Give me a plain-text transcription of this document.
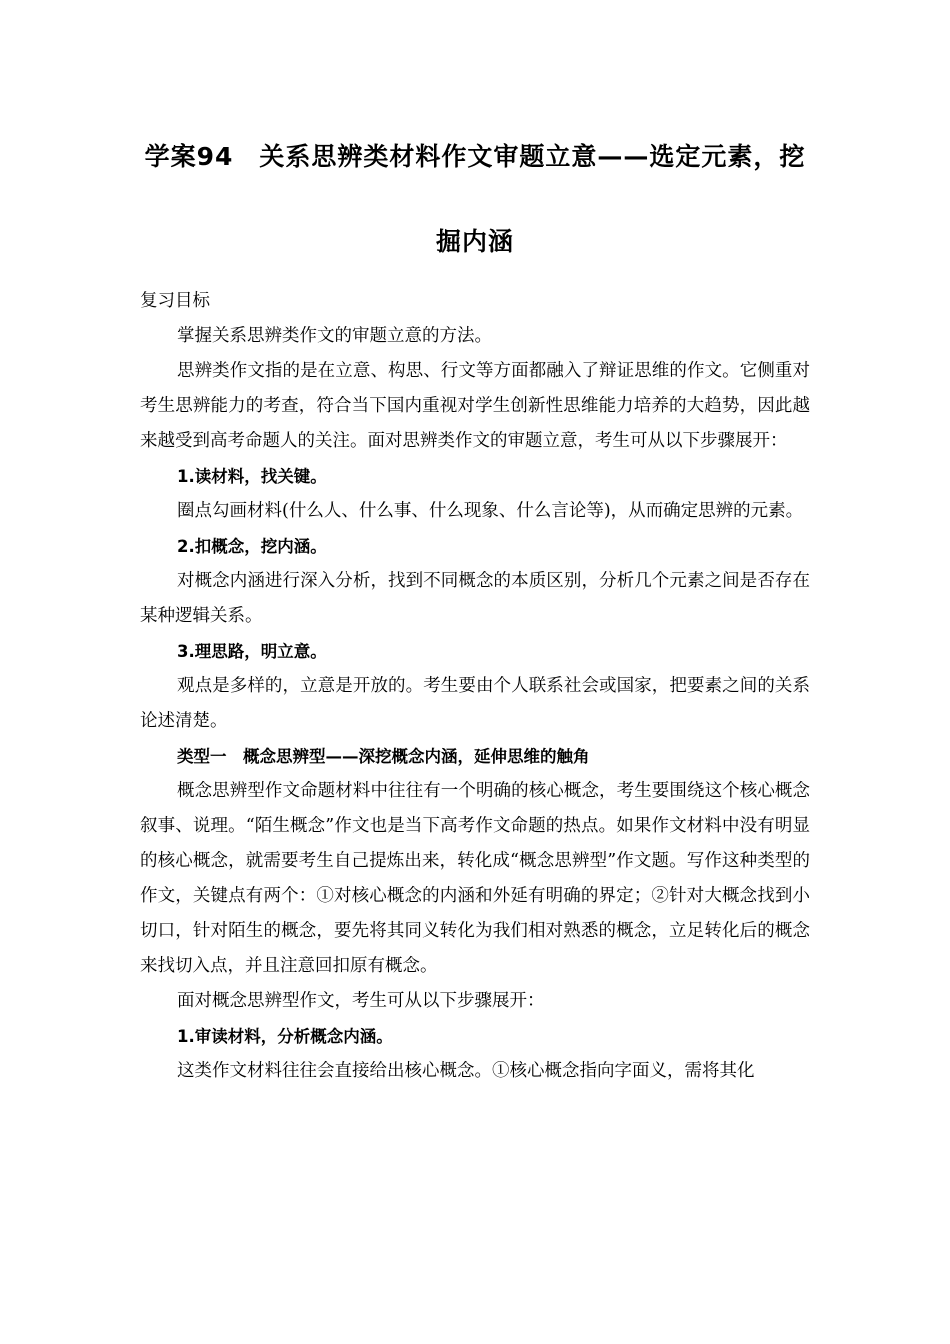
学案94　关系思辨类材料作文审题立意——选定元素，挖
掘内涵

复习目标

掌握关系思辨类作文的审题立意的方法。

思辨类作文指的是在立意、构思、行文等方面都融入了辩证思维的作文。它侧重对考生思辨能力的考查，符合当下国内重视对学生创新性思维能力培养的大趋势，因此越来越受到高考命题人的关注。面对思辨类作文的审题立意，考生可从以下步骤展开：

1.读材料，找关键。

圈点勾画材料(什么人、什么事、什么现象、什么言论等)，从而确定思辨的元素。

2.扣概念，挖内涵。

对概念内涵进行深入分析，找到不同概念的本质区别，分析几个元素之间是否存在某种逻辑关系。

3.理思路，明立意。

观点是多样的，立意是开放的。考生要由个人联系社会或国家，把要素之间的关系论述清楚。

类型一　概念思辨型——深挖概念内涵，延伸思维的触角

概念思辨型作文命题材料中往往有一个明确的核心概念，考生要围绕这个核心概念叙事、说理。“陌生概念”作文也是当下高考作文命题的热点。如果作文材料中没有明显的核心概念，就需要考生自己提炼出来，转化成“概念思辨型”作文题。写作这种类型的作文，关键点有两个：①对核心概念的内涵和外延有明确的界定；②针对大概念找到小切口，针对陌生的概念，要先将其同义转化为我们相对熟悉的概念，立足转化后的概念来找切入点，并且注意回扣原有概念。

面对概念思辨型作文，考生可从以下步骤展开：

1.审读材料，分析概念内涵。

这类作文材料往往会直接给出核心概念。①核心概念指向字面义，需将其化
